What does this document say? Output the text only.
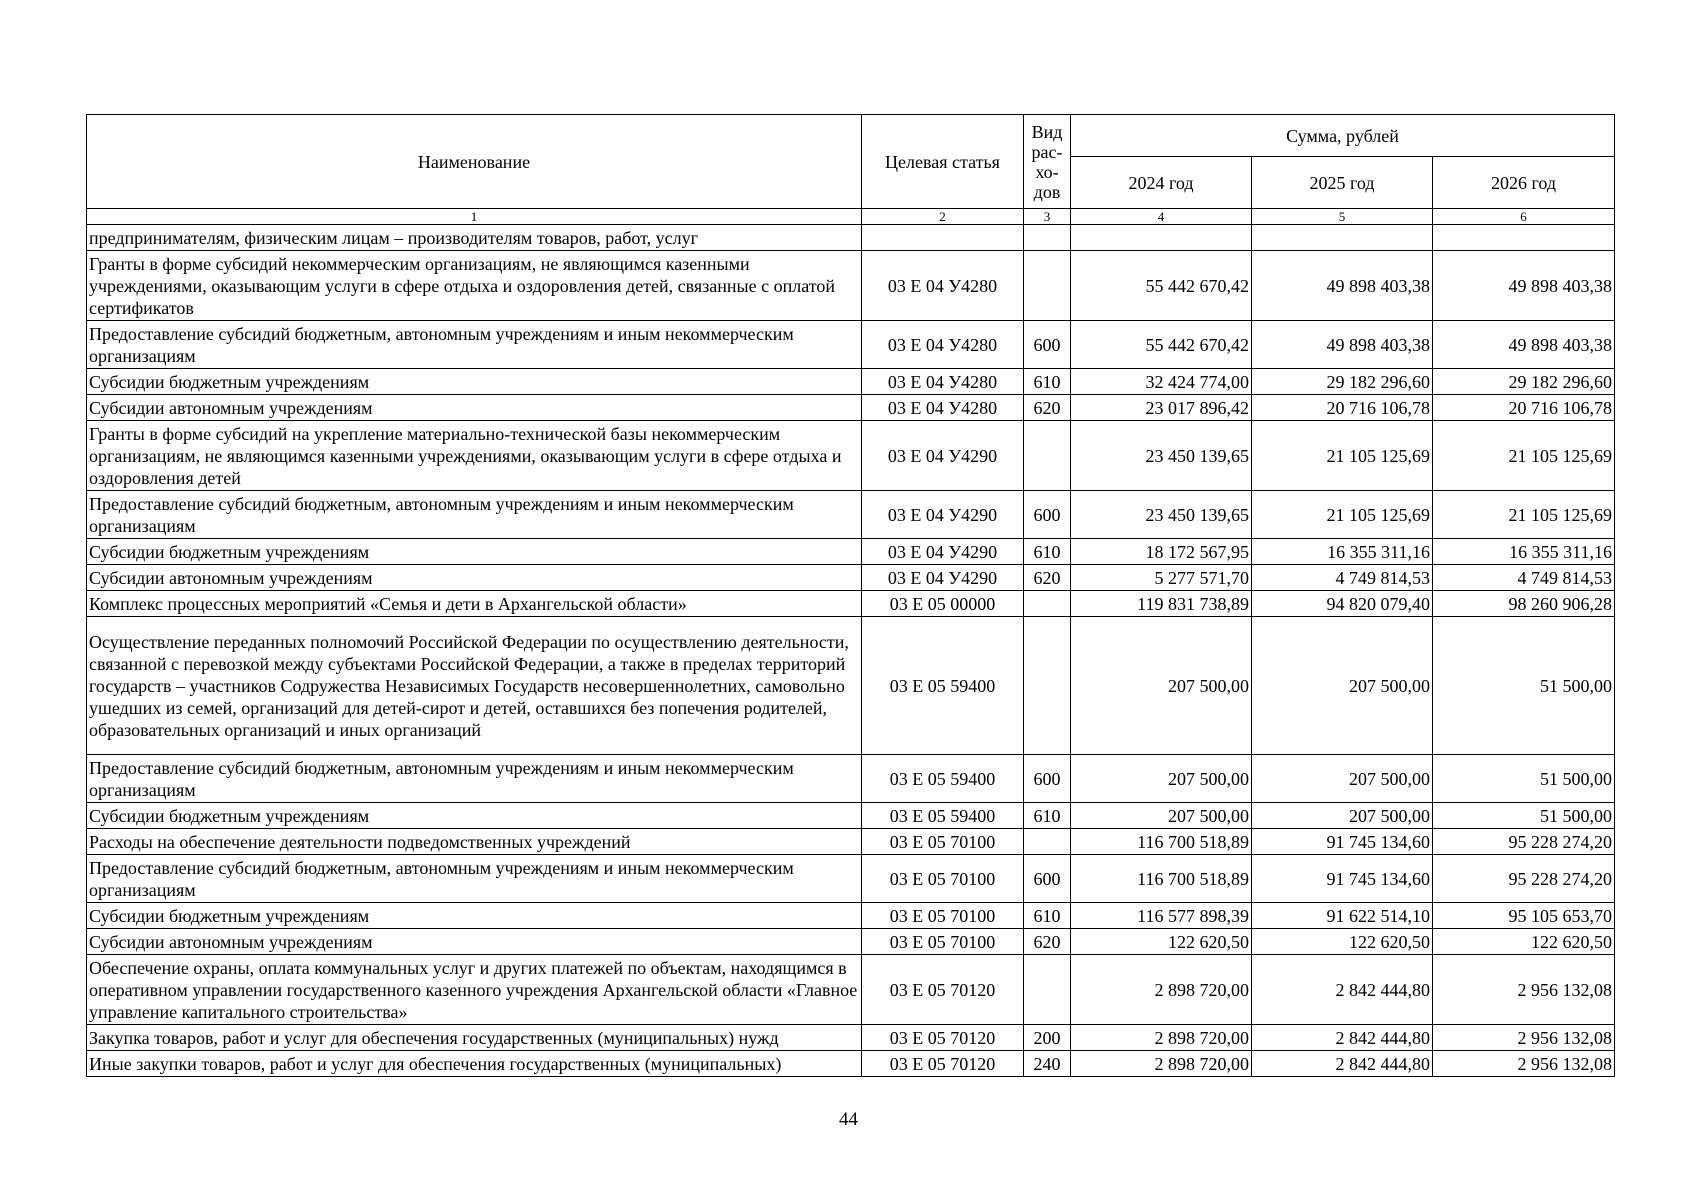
Наименование	Целевая статья	Вид рас-хо-дов	Сумма, рублей		
			2024 год	2025 год	2026 год
1	2	3	4	5	6
предпринимателям, физическим лицам – производителям товаров, работ, услуг					
Гранты в форме субсидий некоммерческим организациям, не являющимся казенными учреждениями, оказывающим услуги в сфере отдыха и оздоровления детей, связанные с оплатой сертификатов	03 Е 04 У4280		55 442 670,42	49 898 403,38	49 898 403,38
Предоставление субсидий бюджетным, автономным учреждениям и иным некоммерческим организациям	03 Е 04 У4280	600	55 442 670,42	49 898 403,38	49 898 403,38
Субсидии бюджетным учреждениям	03 Е 04 У4280	610	32 424 774,00	29 182 296,60	29 182 296,60
Субсидии автономным учреждениям	03 Е 04 У4280	620	23 017 896,42	20 716 106,78	20 716 106,78
Гранты в форме субсидий на укрепление материально-технической базы некоммерческим организациям, не являющимся казенными учреждениями, оказывающим услуги в сфере отдыха и оздоровления детей	03 Е 04 У4290		23 450 139,65	21 105 125,69	21 105 125,69
Предоставление субсидий бюджетным, автономным учреждениям и иным некоммерческим организациям	03 Е 04 У4290	600	23 450 139,65	21 105 125,69	21 105 125,69
Субсидии бюджетным учреждениям	03 Е 04 У4290	610	18 172 567,95	16 355 311,16	16 355 311,16
Субсидии автономным учреждениям	03 Е 04 У4290	620	5 277 571,70	4 749 814,53	4 749 814,53
Комплекс процессных мероприятий «Семья и дети в Архангельской области»	03 Е 05 00000		119 831 738,89	94 820 079,40	98 260 906,28
Осуществление переданных полномочий Российской Федерации по осуществлению деятельности, связанной с перевозкой между субъектами Российской Федерации, а также в пределах территорий государств – участников Содружества Независимых Государств несовершеннолетних, самовольно ушедших из семей, организаций для детей-сирот и детей, оставшихся без попечения родителей, образовательных организаций и иных организаций	03 Е 05 59400		207 500,00	207 500,00	51 500,00
Предоставление субсидий бюджетным, автономным учреждениям и иным некоммерческим организациям	03 Е 05 59400	600	207 500,00	207 500,00	51 500,00
Субсидии бюджетным учреждениям	03 Е 05 59400	610	207 500,00	207 500,00	51 500,00
Расходы на обеспечение деятельности подведомственных учреждений	03 Е 05 70100		116 700 518,89	91 745 134,60	95 228 274,20
Предоставление субсидий бюджетным, автономным учреждениям и иным некоммерческим организациям	03 Е 05 70100	600	116 700 518,89	91 745 134,60	95 228 274,20
Субсидии бюджетным учреждениям	03 Е 05 70100	610	116 577 898,39	91 622 514,10	95 105 653,70
Субсидии автономным учреждениям	03 Е 05 70100	620	122 620,50	122 620,50	122 620,50
Обеспечение охраны, оплата коммунальных услуг и других платежей по объектам, находящимся в оперативном управлении государственного казенного учреждения Архангельской области «Главное управление капитального строительства»	03 Е 05 70120		2 898 720,00	2 842 444,80	2 956 132,08
Закупка товаров, работ и услуг для обеспечения государственных (муниципальных) нужд	03 Е 05 70120	200	2 898 720,00	2 842 444,80	2 956 132,08
Иные закупки товаров, работ и услуг для обеспечения государственных (муниципальных)	03 Е 05 70120	240	2 898 720,00	2 842 444,80	2 956 132,08
44
